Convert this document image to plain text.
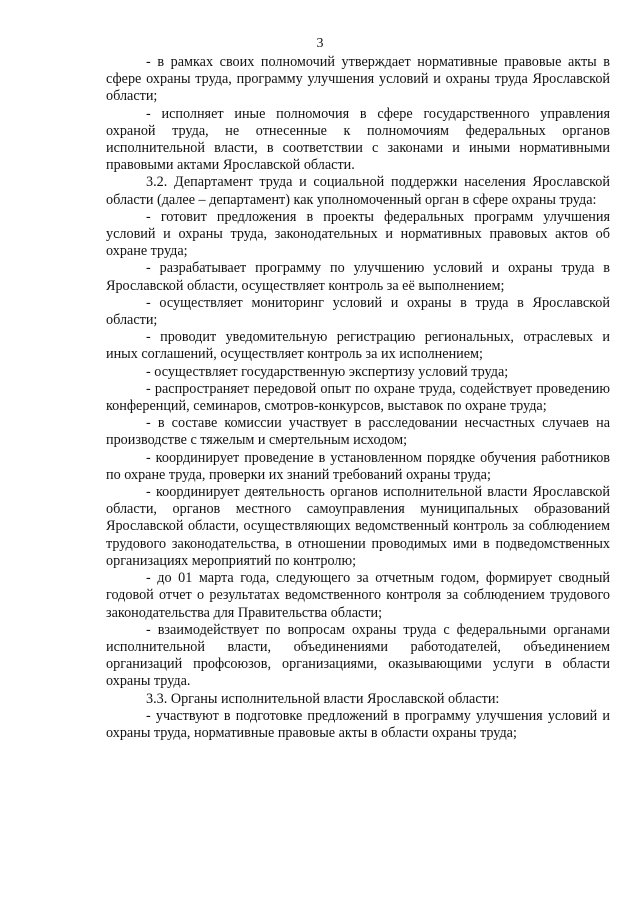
3

- в рамках своих полномочий утверждает нормативные правовые акты в сфере охраны труда, программу улучшения условий и охраны труда Ярославской области;

- исполняет иные полномочия в сфере государственного управления охраной труда, не отнесенные к полномочиям федеральных органов исполнительной власти, в соответствии с законами и иными нормативными правовыми актами Ярославской области.

3.2. Департамент труда и социальной поддержки населения Ярославской области (далее – департамент) как уполномоченный орган в сфере охраны труда:

- готовит предложения в проекты федеральных программ улучшения условий и охраны труда, законодательных и нормативных правовых актов об охране труда;

- разрабатывает программу по улучшению условий и охраны труда в Ярославской области, осуществляет контроль за её выполнением;

- осуществляет мониторинг условий и охраны в труда в Ярославской области;

- проводит уведомительную регистрацию региональных, отраслевых и иных соглашений, осуществляет контроль за их исполнением;

- осуществляет государственную экспертизу условий труда;

- распространяет передовой опыт по охране труда, содействует проведению конференций, семинаров, смотров-конкурсов, выставок по охране труда;

- в составе комиссии участвует в расследовании несчастных случаев на производстве с тяжелым и смертельным исходом;

- координирует проведение в установленном порядке обучения работников по охране труда, проверки их знаний требований охраны труда;

- координирует деятельность органов исполнительной власти Ярославской области, органов местного самоуправления муниципальных образований Ярославской области, осуществляющих ведомственный контроль за соблюдением трудового законодательства, в отношении проводимых ими в подведомственных организациях мероприятий по контролю;

- до 01 марта года, следующего за отчетным годом, формирует сводный годовой отчет о результатах ведомственного контроля за соблюдением трудового законодательства для Правительства области;

- взаимодействует по вопросам охраны труда с федеральными органами исполнительной власти, объединениями работодателей, объединением организаций профсоюзов, организациями, оказывающими услуги в области охраны труда.

3.3. Органы исполнительной власти Ярославской области:

- участвуют в подготовке предложений в программу улучшения условий и охраны труда, нормативные правовые акты в области охраны труда;
